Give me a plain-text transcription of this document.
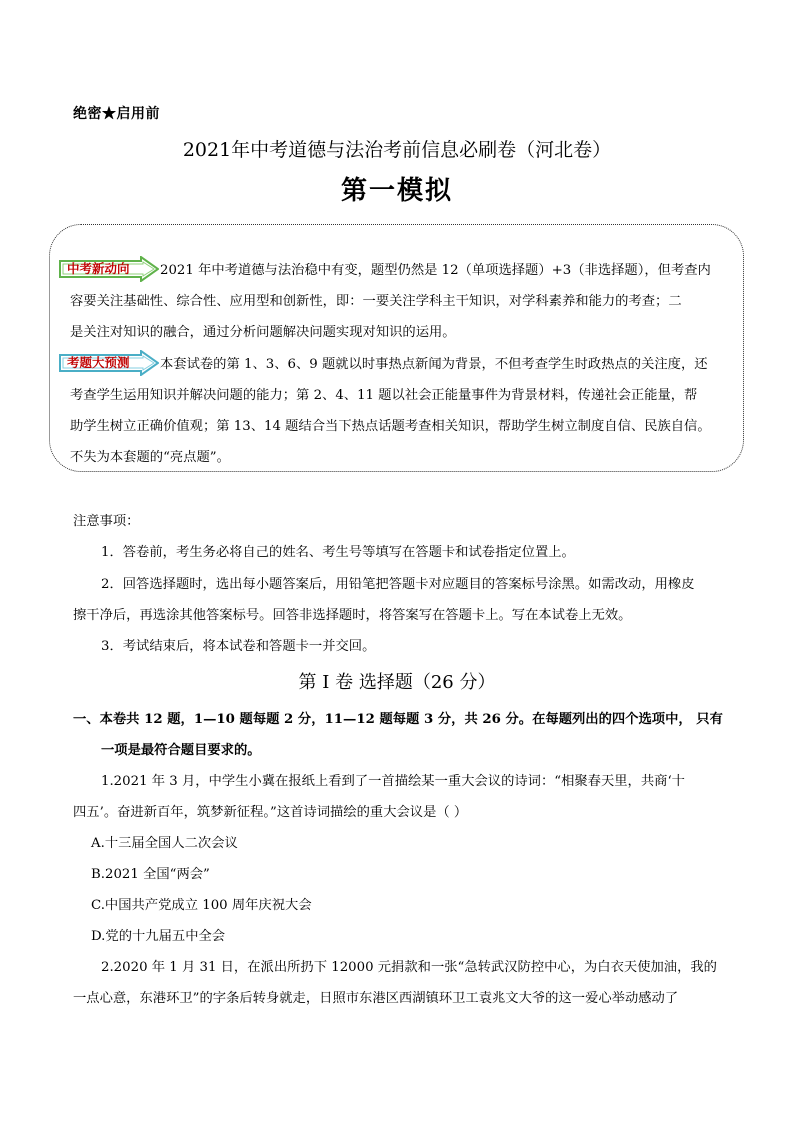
绝密★启用前
2021年中考道德与法治考前信息必刷卷（河北卷）
第一模拟
中考新动向
考题大预测
2021 年中考道德与法治稳中有变，题型仍然是 12（单项选择题）+3（非选择题），但考查内
容要关注基础性、综合性、应用型和创新性，即：一要关注学科主干知识，对学科素养和能力的考查；二
是关注对知识的融合，通过分析问题解决问题实现对知识的运用。
本套试卷的第 1、3、6、9 题就以时事热点新闻为背景，不但考查学生时政热点的关注度，还
考查学生运用知识并解决问题的能力；第 2、4、11 题以社会正能量事件为背景材料，传递社会正能量，帮
助学生树立正确价值观；第 13、14 题结合当下热点话题考查相关知识，帮助学生树立制度自信、民族自信。
不失为本套题的“亮点题”。
注意事项：
1．答卷前，考生务必将自己的姓名、考生号等填写在答题卡和试卷指定位置上。
2．回答选择题时，选出每小题答案后，用铅笔把答题卡对应题目的答案标号涂黑。如需改动，用橡皮
擦干净后，再选涂其他答案标号。回答非选择题时，将答案写在答题卡上。写在本试卷上无效。
3．考试结束后，将本试卷和答题卡一并交回。
第 I 卷 选择题（26 分）
一、本卷共 12 题，1—10 题每题 2 分，11—12 题每题 3 分，共 26 分。在每题列出的四个选项中， 只有
一项是最符合题目要求的。
1.2021 年 3 月，中学生小冀在报纸上看到了一首描绘某一重大会议的诗词：“相聚春天里，共商‘十
四五’。奋进新百年，筑梦新征程。”这首诗词描绘的重大会议是（ ）
A.十三届全国人二次会议
B.2021 全国“两会”
C.中国共产党成立 100 周年庆祝大会
D.党的十九届五中全会
2.2020 年 1 月 31 日，在派出所扔下 12000 元捐款和一张“急转武汉防控中心，为白衣天使加油，我的
一点心意，东港环卫”的字条后转身就走，日照市东港区西湖镇环卫工袁兆文大爷的这一爱心举动感动了
